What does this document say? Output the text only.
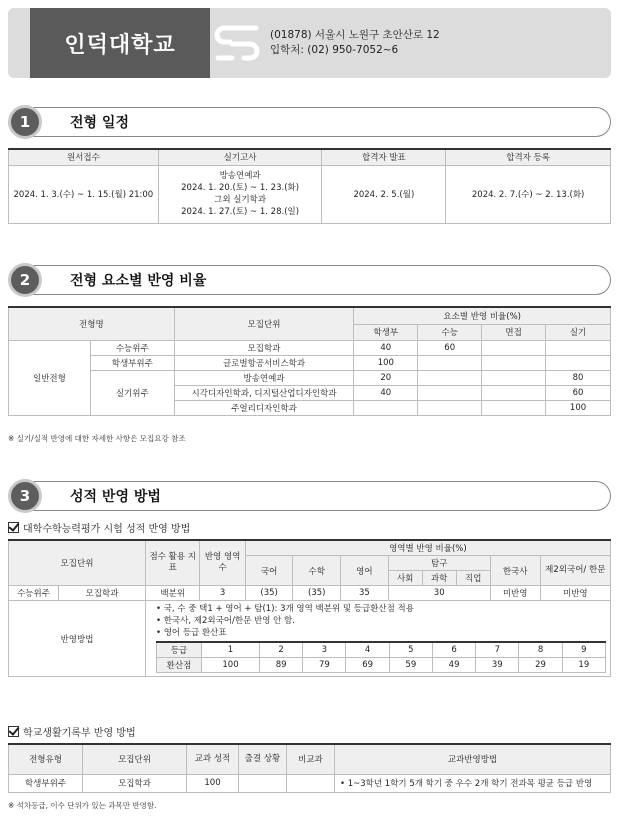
인덕대학교	(01878) 서울시 노원구 초안산로 12
입학처: (02) 950-7052~6
1	전형 일정
원서접수	실기고사	합격자 발표	합격자 등록
2024. 1. 3.(수) ~ 1. 15.(월) 21:00	방송연예과
2024. 1. 20.(토) ~ 1. 23.(화)
그외 실기학과
2024. 1. 27.(토) ~ 1. 28.(일)	2024. 2. 5.(월)	2024. 2. 7.(수) ~ 2. 13.(화)
2	전형 요소별 반영 비율
전형명		모집단위	요소별 반영 비율(%)			
			학생부	수능	면접	실기
일반전형	수능위주	모집학과	40	60		
	학생부위주	글로벌항공서비스학과	100			
	실기위주	방송연예과	20			80
		시각디자인학과, 디지털산업디자인학과	40			60
		주얼리디자인학과				100
※ 실기/실적 반영에 대한 자세한 사항은 모집요강 참조
3	성적 반영 방법
대학수학능력평가 시험 성적 반영 방법
모집단위	점수 활용 지표	반영 영역수	영역별 반영 비율(%)
국어	수학	영어	탐구	한국사	제2외국어/ 한문
사회	과학	직업
수능위주	모집학과	백분위	3	(35)	(35)	35	30	미반영	미반영
반영방법	
• 국, 수 중 택1 + 영어 + 탐(1): 3개 영역 백분위 및 등급환산점 적용
• 한국사, 제2외국어/한문 반영 안 함.
• 영어 등급 환산표
등급	1	2	3	4	5	6	7	8	9
환산점	100	89	79	69	59	49	39	29	19
학교생활기록부 반영 방법
전형유형	모집단위	교과 성적	출결 상황	비교과	교과반영방법
학생부위주	모집학과	100			• 1~3학년 1학기 5개 학기 중 우수 2개 학기 전과목 평균 등급 반영
※ 석차등급, 이수 단위가 있는 과목만 반영함.
